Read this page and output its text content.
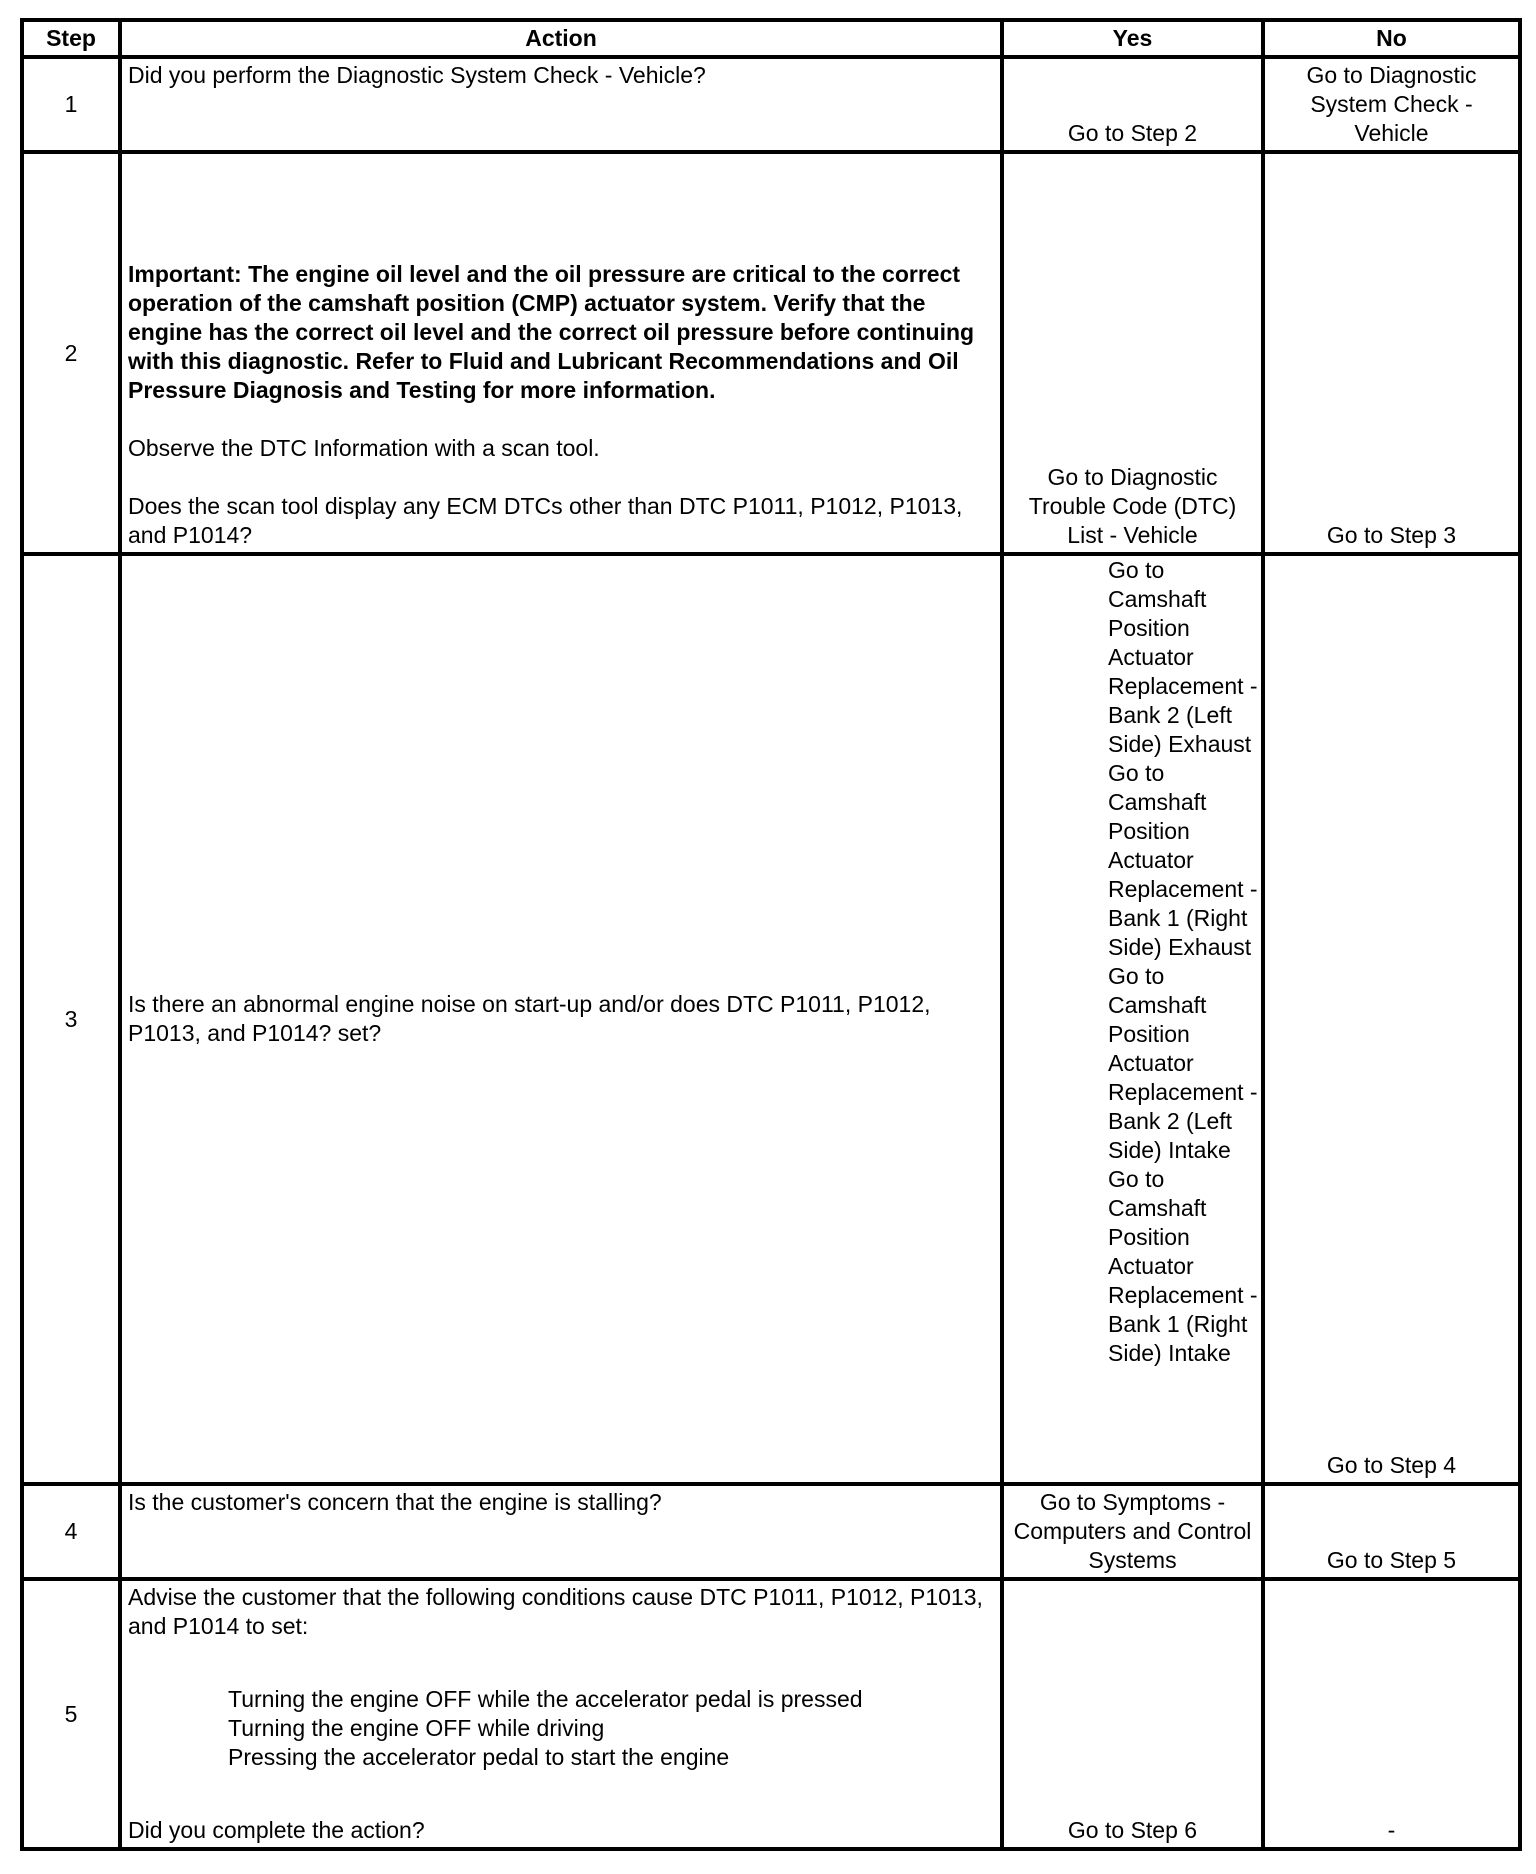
Step	Action	Yes	No
1	Did you perform the Diagnostic System Check - Vehicle?	Go to Step 2	Go to Diagnostic System Check - Vehicle
2	Important: The engine oil level and the oil pressure are critical to the correct operation of the camshaft position (CMP) actuator system. Verify that the engine has the correct oil level and the correct oil pressure before continuing with this diagnostic. Refer to Fluid and Lubricant Recommendations and Oil Pressure Diagnosis and Testing for more information.
Observe the DTC Information with a scan tool.
Does the scan tool display any ECM DTCs other than DTC P1011, P1012, P1013, and P1014?	Go to Diagnostic Trouble Code (DTC) List - Vehicle	Go to Step 3
3	Is there an abnormal engine noise on start-up and/or does DTC P1011, P1012, P1013, and P1014? set?	Go to Camshaft Position Actuator Replacement - Bank 2 (Left Side) Exhaust
Go to Camshaft Position Actuator Replacement - Bank 1 (Right Side) Exhaust
Go to Camshaft Position Actuator Replacement - Bank 2 (Left Side) Intake
Go to Camshaft Position Actuator Replacement - Bank 1 (Right Side) Intake	Go to Step 4
4	Is the customer's concern that the engine is stalling?	Go to Symptoms - Computers and Control Systems	Go to Step 5
5	Advise the customer that the following conditions cause DTC P1011, P1012, P1013, and P1014 to set:
Turning the engine OFF while the accelerator pedal is pressed
Turning the engine OFF while driving
Pressing the accelerator pedal to start the engine
Did you complete the action?	Go to Step 6	-
